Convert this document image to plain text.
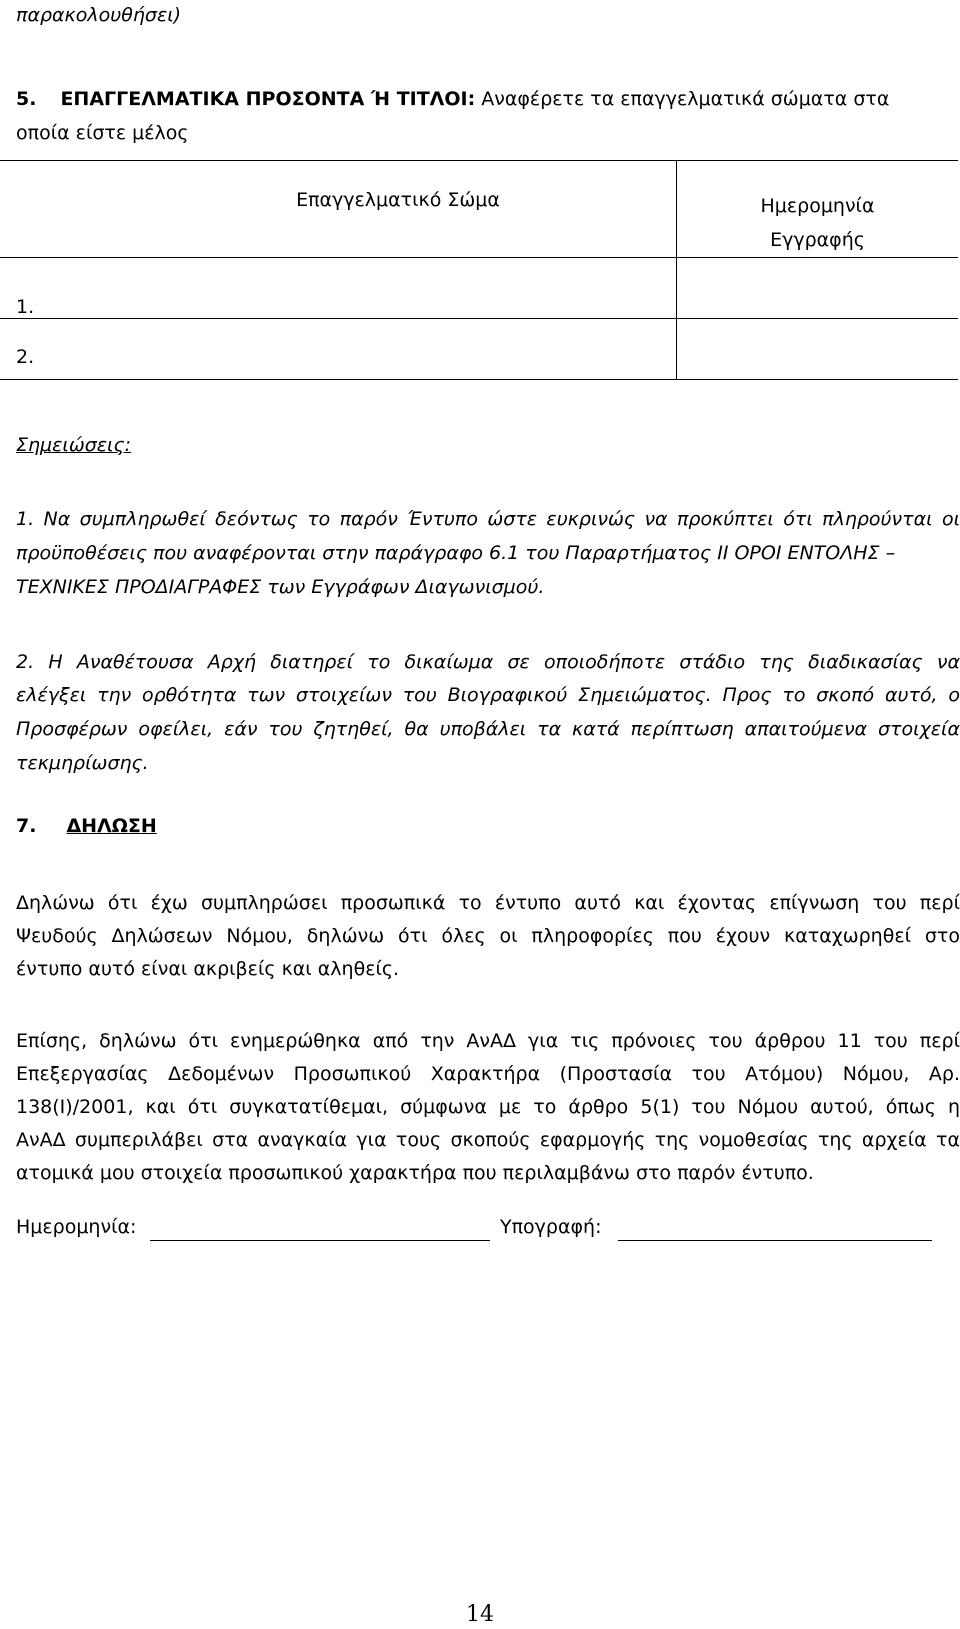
παρακολουθήσει)
5. ΕΠΑΓΓΕΛΜΑΤΙΚΑ ΠΡΟΣΟΝΤΑ Ή ΤΙΤΛΟΙ: Αναφέρετε τα επαγγελματικά σώματα στα
οποία είστε μέλος
Επαγγελματικό Σώμα	Ημερομηνία
Εγγραφής

1.	

2.	

Σημειώσεις:
1. Να συμπληρωθεί δεόντως το παρόν Έντυπο ώστε ευκρινώς να προκύπτει ότι πληρούνται οι
προϋποθέσεις που αναφέρονται στην παράγραφο 6.1 του Παραρτήματος ΙΙ ΟΡΟΙ ΕΝΤΟΛΗΣ –
ΤΕΧΝΙΚΕΣ ΠΡΟΔΙΑΓΡΑΦΕΣ των Εγγράφων Διαγωνισμού.
2. Η Αναθέτουσα Αρχή διατηρεί το δικαίωμα σε οποιοδήποτε στάδιο της διαδικασίας να
ελέγξει την ορθότητα των στοιχείων του Βιογραφικού Σημειώματος. Προς το σκοπό αυτό, ο
Προσφέρων οφείλει, εάν του ζητηθεί, θα υποβάλει τα κατά περίπτωση απαιτούμενα στοιχεία
τεκμηρίωσης.
7. ΔΗΛΩΣΗ
Δηλώνω ότι έχω συμπληρώσει προσωπικά το έντυπο αυτό και έχοντας επίγνωση του περί
Ψευδούς Δηλώσεων Νόμου, δηλώνω ότι όλες οι πληροφορίες που έχουν καταχωρηθεί στο
έντυπο αυτό είναι ακριβείς και αληθείς.
Επίσης, δηλώνω ότι ενημερώθηκα από την ΑνΑΔ για τις πρόνοιες του άρθρου 11 του περί
Επεξεργασίας Δεδομένων Προσωπικού Χαρακτήρα (Προστασία του Ατόμου) Νόμου, Αρ.
138(Ι)/2001, και ότι συγκατατίθεμαι, σύμφωνα με το άρθρο 5(1) του Νόμου αυτού, όπως η
ΑνΑΔ συμπεριλάβει στα αναγκαία για τους σκοπούς εφαρμογής της νομοθεσίας της αρχεία τα
ατομικά μου στοιχεία προσωπικού χαρακτήρα που περιλαμβάνω στο παρόν έντυπο.
Ημερομηνία:	Υπογραφή:
14
